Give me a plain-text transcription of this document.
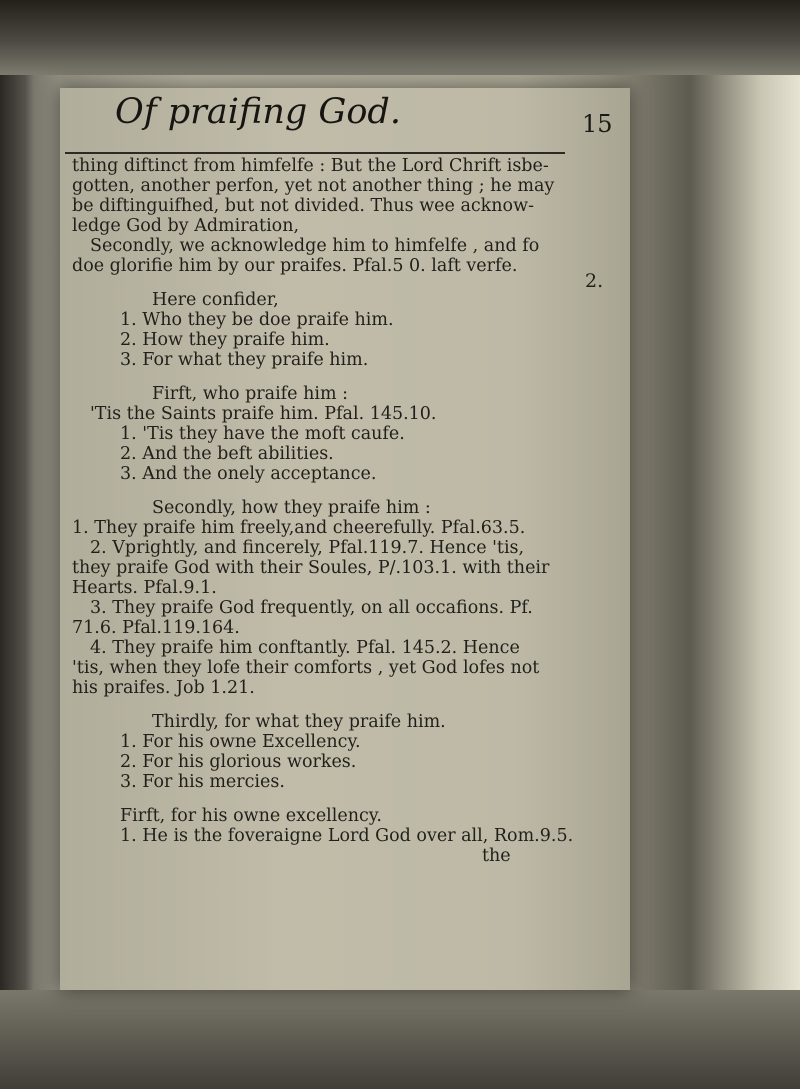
Of praifing God.
2.
thing diftinct from himfelfe : But the Lord Chrift isbe-
gotten, another perfon, yet not another thing ; he may
be diftinguifhed, but not divided. Thus wee acknow-
ledge God by Admiration,
Secondly, we acknowledge him to himfelfe , and fo
doe glorifie him by our praifes. Pfal.5 0. laft verfe.
Here confider,
1. Who they be doe praife him.
2. How they praife him.
3. For what they praife him.
Firft, who praife him :
'Tis the Saints praife him. Pfal. 145.10.
1. 'Tis they have the moft caufe.
2. And the beft abilities.
3. And the onely acceptance.
Secondly, how they praife him :
1. They praife him freely,and cheerefully. Pfal.63.5.
2. Vprightly, and fincerely, Pfal.119.7. Hence 'tis,
they praife God with their Soules, P/.103.1. with their
Hearts. Pfal.9.1.
3. They praife God frequently, on all occafions. Pf.
71.6. Pfal.119.164.
4. They praife him conftantly. Pfal. 145.2. Hence
'tis, when they lofe their comforts , yet God lofes not
his praifes. Job 1.21.
Thirdly, for what they praife him.
1. For his owne Excellency.
2. For his glorious workes.
3. For his mercies.
Firft, for his owne excellency.
1. He is the foveraigne Lord God over all, Rom.9.5.
the
